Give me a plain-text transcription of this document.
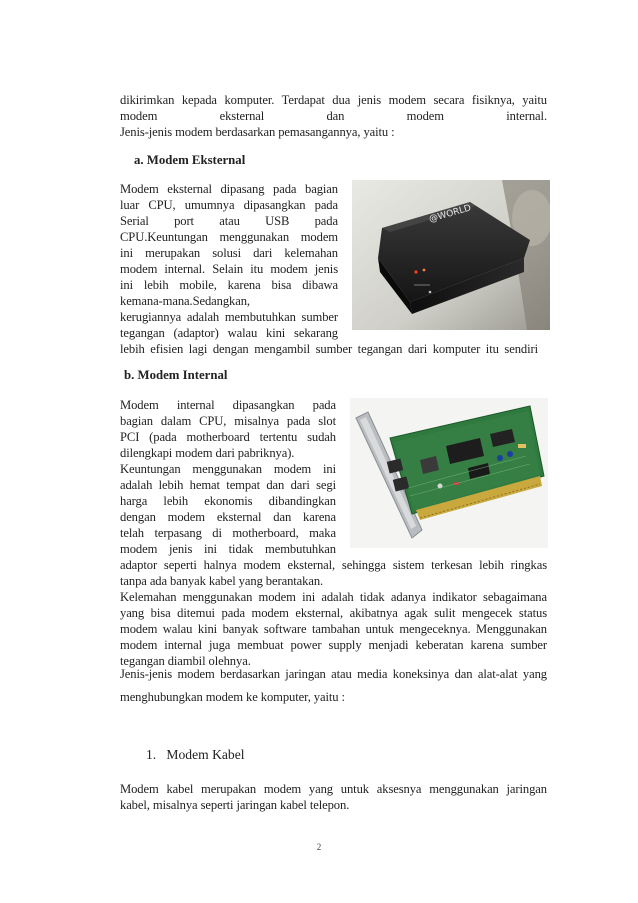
dikirimkan kepada komputer. Terdapat dua jenis modem secara fisiknya, yaitu
modem eksternal dan modem internal.
Jenis-jenis modem berdasarkan pemasangannya, yaitu :
a. Modem Eksternal
Modem eksternal dipasang pada bagian
luar CPU, umumnya dipasangkan pada
Serial port atau USB pada
CPU.Keuntungan menggunakan modem
ini merupakan solusi dari kelemahan
modem internal. Selain itu modem jenis
ini lebih mobile, karena bisa dibawa
kemana-mana.Sedangkan,
kerugiannya adalah membutuhkan sumber
tegangan (adaptor) walau kini sekarang
lebih efisien lagi dengan mengambil sumber tegangan dari komputer itu sendiri
@WORLD
b. Modem Internal
Modem internal dipasangkan pada
bagian dalam CPU, misalnya pada slot
PCI (pada motherboard tertentu sudah
dilengkapi modem dari pabriknya).
Keuntungan menggunakan modem ini
adalah lebih hemat tempat dan dari segi
harga lebih ekonomis dibandingkan
dengan modem eksternal dan karena
telah terpasang di motherboard, maka
modem jenis ini tidak membutuhkan
adaptor seperti halnya modem eksternal, sehingga sistem terkesan lebih ringkas
tanpa ada banyak kabel yang berantakan.
Kelemahan menggunakan modem ini adalah tidak adanya indikator sebagaimana
yang bisa ditemui pada modem eksternal, akibatnya agak sulit mengecek status
modem walau kini banyak software tambahan untuk mengeceknya. Menggunakan
modem internal juga membuat power supply menjadi keberatan karena sumber
tegangan diambil olehnya.
Jenis-jenis modem berdasarkan jaringan atau media koneksinya dan alat-alat yang
menghubungkan modem ke komputer, yaitu :
1.   Modem Kabel
Modem kabel merupakan modem yang untuk aksesnya menggunakan jaringan
kabel, misalnya seperti jaringan kabel telepon.
2
